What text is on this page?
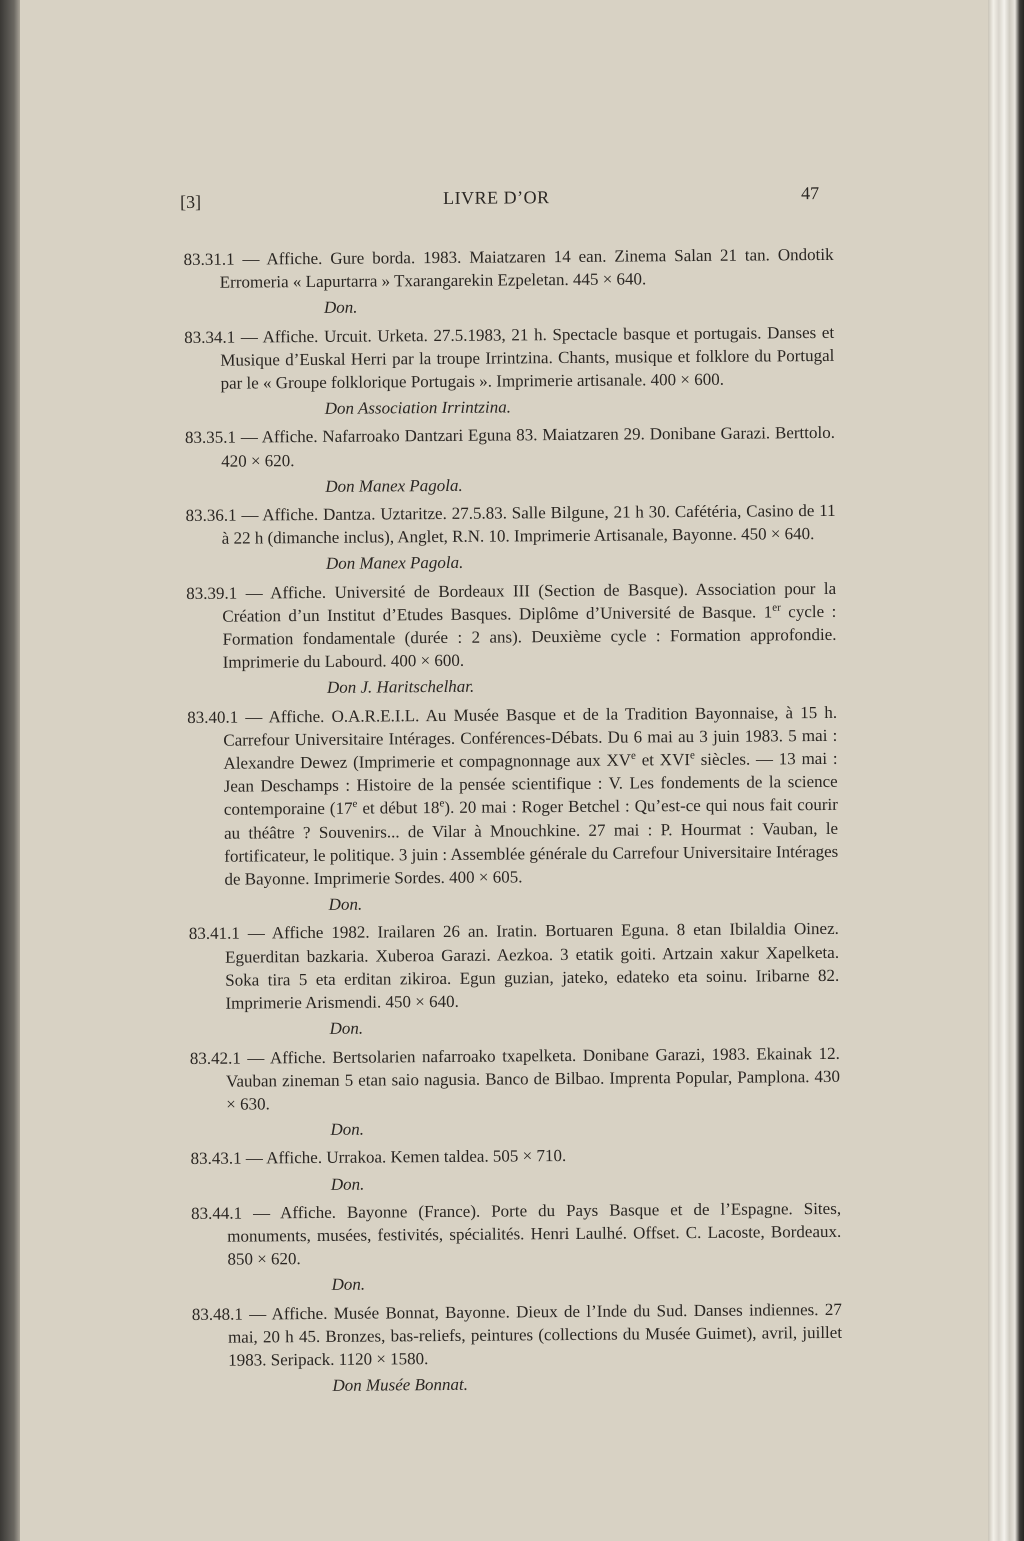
[3]	LIVRE D’OR	47
83.31.1 — Affiche. Gure borda. 1983. Maiatzaren 14 ean. Zinema Salan 21 tan. Ondotik Erromeria « Lapurtarra » Txarangarekin Ezpeletan. 445 × 640.
Don.
83.34.1 — Affiche. Urcuit. Urketa. 27.5.1983, 21 h. Spectacle basque et portugais. Danses et Musique d’Euskal Herri par la troupe Irrintzina. Chants, musique et folklore du Portugal par le « Groupe folklorique Portugais ». Imprimerie artisanale. 400 × 600.
Don Association Irrintzina.
83.35.1 — Affiche. Nafarroako Dantzari Eguna 83. Maiatzaren 29. Donibane Garazi. Berttolo. 420 × 620.
Don Manex Pagola.
83.36.1 — Affiche. Dantza. Uztaritze. 27.5.83. Salle Bilgune, 21 h 30. Cafétéria, Casino de 11 à 22 h (dimanche inclus), Anglet, R.N. 10. Imprimerie Artisanale, Bayonne. 450 × 640.
Don Manex Pagola.
83.39.1 — Affiche. Université de Bordeaux III (Section de Basque). Association pour la Création d’un Institut d’Etudes Basques. Diplôme d’Université de Basque. 1er cycle : Formation fondamentale (durée : 2 ans). Deuxième cycle : Formation approfondie. Imprimerie du Labourd. 400 × 600.
Don J. Haritschelhar.
83.40.1 — Affiche. O.A.R.E.I.L. Au Musée Basque et de la Tradition Bayonnaise, à 15 h. Carrefour Universitaire Intérages. Conférences-Débats. Du 6 mai au 3 juin 1983. 5 mai : Alexandre Dewez (Imprimerie et compagnonnage aux XVe et XVIe siècles. — 13 mai : Jean Deschamps : Histoire de la pensée scientifique : V. Les fondements de la science contemporaine (17e et début 18e). 20 mai : Roger Betchel : Qu’est-ce qui nous fait courir au théâtre ? Souvenirs... de Vilar à Mnouchkine. 27 mai : P. Hourmat : Vauban, le fortificateur, le politique. 3 juin : Assemblée générale du Carrefour Universitaire Intérages de Bayonne. Imprimerie Sordes. 400 × 605.
Don.
83.41.1 — Affiche 1982. Irailaren 26 an. Iratin. Bortuaren Eguna. 8 etan Ibilaldia Oinez. Eguerditan bazkaria. Xuberoa Garazi. Aezkoa. 3 etatik goiti. Artzain xakur Xapelketa. Soka tira 5 eta erditan zikiroa. Egun guzian, jateko, edateko eta soinu. Iribarne 82. Imprimerie Arismendi. 450 × 640.
Don.
83.42.1 — Affiche. Bertsolarien nafarroako txapelketa. Donibane Garazi, 1983. Ekainak 12. Vauban zineman 5 etan saio nagusia. Banco de Bilbao. Imprenta Popular, Pamplona. 430 × 630.
Don.
83.43.1 — Affiche. Urrakoa. Kemen taldea. 505 × 710.
Don.
83.44.1 — Affiche. Bayonne (France). Porte du Pays Basque et de l’Espagne. Sites, monuments, musées, festivités, spécialités. Henri Laulhé. Offset. C. Lacoste, Bordeaux. 850 × 620.
Don.
83.48.1 — Affiche. Musée Bonnat, Bayonne. Dieux de l’Inde du Sud. Danses indiennes. 27 mai, 20 h 45. Bronzes, bas-reliefs, peintures (collections du Musée Guimet), avril, juillet 1983. Seripack. 1120 × 1580.
Don Musée Bonnat.
